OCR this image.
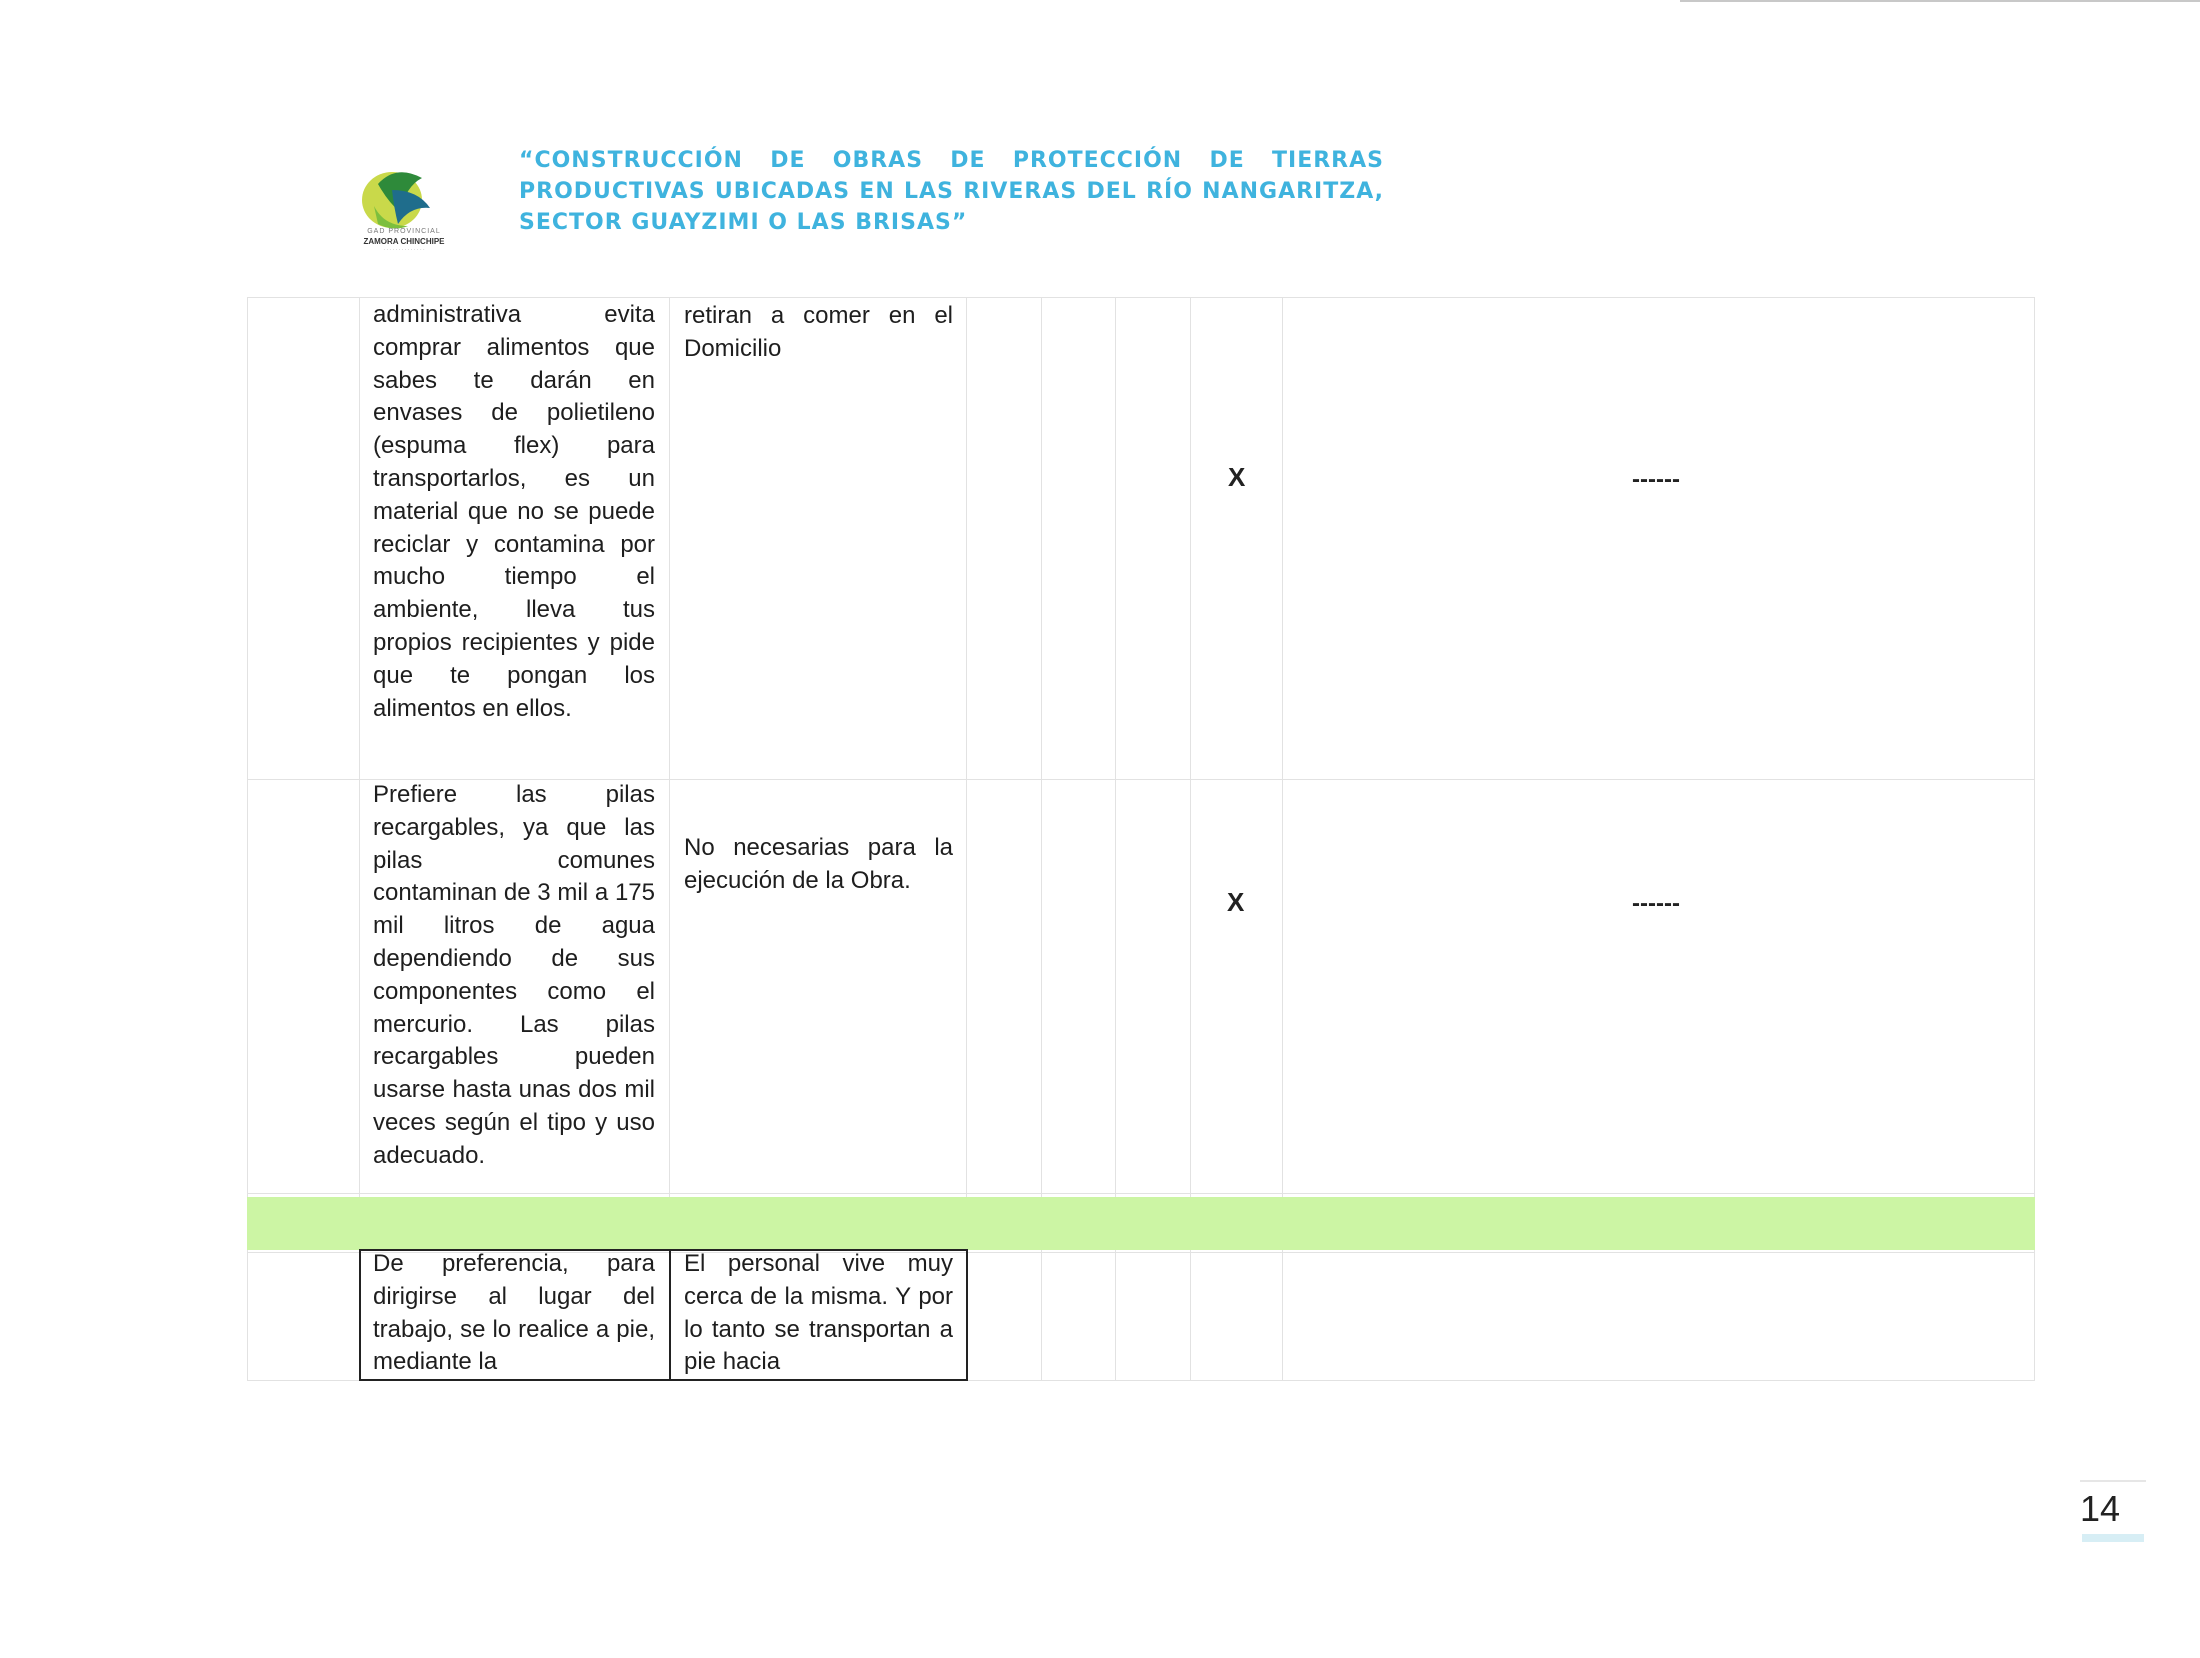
GAD PROVINCIAL
ZAMORA CHINCHIPE
· · · · · · · · · · · · · ·
“CONSTRUCCIÓN DE OBRAS DE PROTECCIÓN DE TIERRAS
PRODUCTIVAS UBICADAS EN LAS RIVERAS DEL RÍO NANGARITZA,
SECTOR GUAYZIMI O LAS BRISAS”
administrativa evita comprar alimentos que sabes te darán en envases de polietileno (espuma flex) para transportarlos, es un material que no se puede reciclar y contamina por mucho tiempo el ambiente, lleva tus propios recipientes y pide que te pongan los alimentos en ellos.
retiran a comer en el Domicilio
X	------
Prefiere las pilas recargables, ya que las pilas comunes contaminan de 3 mil a 175 mil litros de agua dependiendo de sus componentes como el mercurio. Las pilas recargables pueden usarse hasta unas dos mil veces según el tipo y uso adecuado.
No necesarias para la ejecución de la Obra.
X	------
De preferencia, para dirigirse al lugar del trabajo, se lo realice a pie, mediante la
El personal vive muy cerca de la misma. Y por lo tanto se transportan a pie hacia
14
